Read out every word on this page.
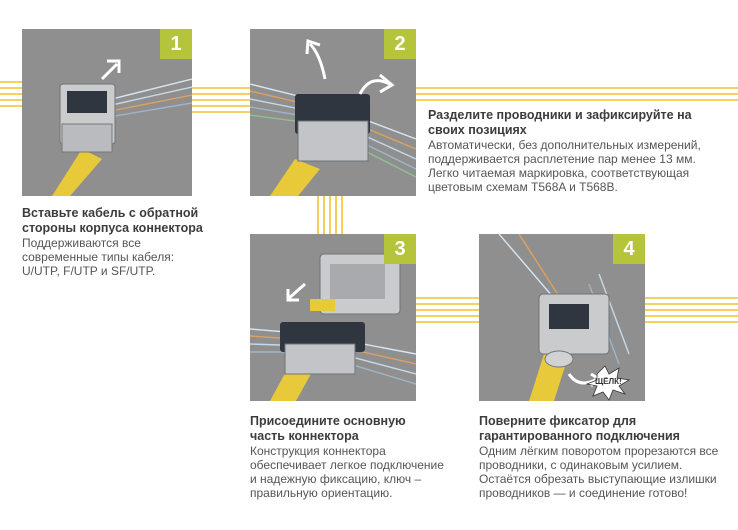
1	2
3
ЩЁЛК!
4
Вставьте кабель с обратной стороны корпуса коннектора
Поддерживаются все современные типы кабеля: U/UTP, F/UTP и SF/UTP.
Разделите проводники и зафиксируйте на своих позициях
Автоматически, без дополнительных измерений, поддерживается расплетение пар менее 13 мм. Легко читаемая маркировка, соответствующая цветовым схемам T568A и T568B.
Присоедините основную часть коннектора
Конструкция коннектора обеспечивает легкое подключение и надежную фиксацию, ключ – правильную ориентацию.
Поверните фиксатор для гарантированного подключения
Одним лёгким поворотом прорезаются все проводники, с одинаковым усилием. Остаётся обрезать выступающие излишки проводников — и соединение готово!
